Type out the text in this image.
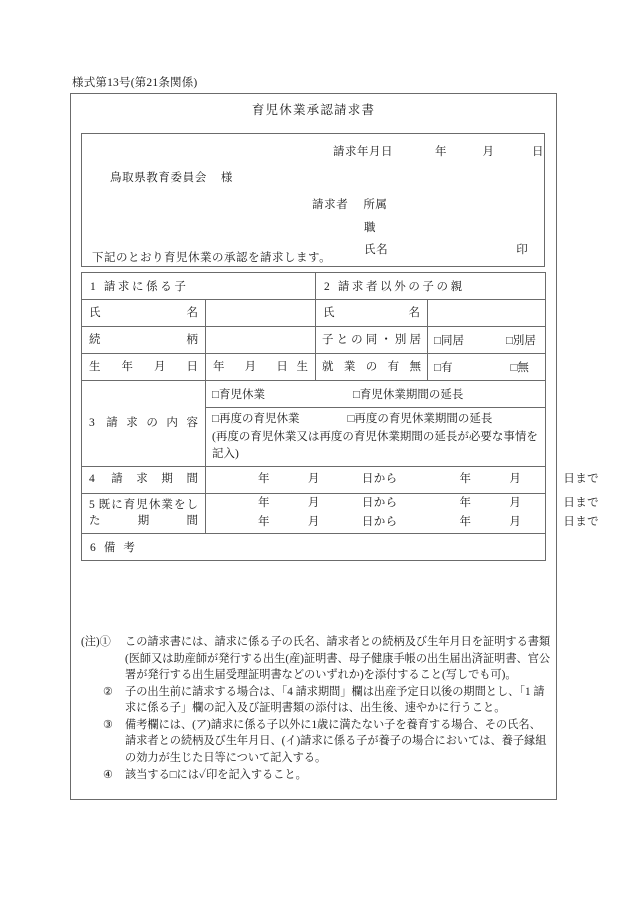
様式第13号(第21条関係)
育児休業承認請求書
請求年月日	年	月	日
鳥取県教育委員会 様
請求者 所属
職
氏名	印
下記のとおり育児休業の承認を請求します。
1 請求に係る子		2 請求者以外の子の親	

氏 名		氏 名	

続 柄		子との同・別居	□同居 □別居

生 年 月 日	年 月 日生	就 業 の 有 無	□有 □無

3 請求の内容	□育児休業 □育児休業期間の延長		

	□再度の育児休業 □再度の育児休業期間の延長
(再度の育児休業又は再度の育児休業期間の延長が必要な事情を記入)		

4 請求期間	年 月 日から 年 月 日まで		

5 既に育児休業をした期間	年 月 日から 年 月 日まで
年 月 日から 年 月 日まで		

6 備 考			
(注)①	この請求書には、請求に係る子の氏名、請求者との続柄及び生年月日を証明する書類(医師又は助産師が発行する出生(産)証明書、母子健康手帳の出生届出済証明書、官公署が発行する出生届受理証明書などのいずれか)を添付すること(写しでも可)。
②	子の出生前に請求する場合は、「4 請求期間」欄は出産予定日以後の期間とし、「1 請求に係る子」欄の記入及び証明書類の添付は、出生後、速やかに行うこと。
③	備考欄には、(ア)請求に係る子以外に1歳に満たない子を養育する場合、その氏名、請求者との続柄及び生年月日、(イ)請求に係る子が養子の場合においては、養子縁組の効力が生じた日等について記入する。
④	該当する□には✓印を記入すること。
